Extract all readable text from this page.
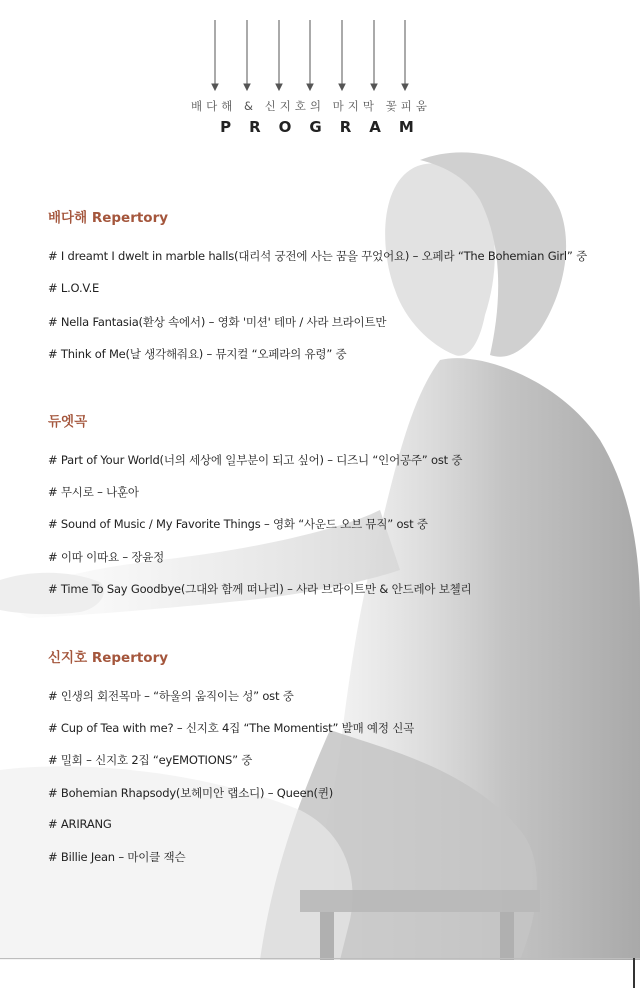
배다해 & 신지호의 마지막 꽃피움
PROGRAM
배다해 Repertory
# I dreamt I dwelt in marble halls(대리석 궁전에 사는 꿈을 꾸었어요) – 오페라 “The Bohemian Girl” 중
# L.O.V.E
# Nella Fantasia(환상 속에서) – 영화 '미션' 테마 / 사라 브라이트만
# Think of Me(날 생각해줘요) – 뮤지컬 “오페라의 유령” 중
듀엣곡
# Part of Your World(너의 세상에 일부분이 되고 싶어) – 디즈니 “인어공주” ost 중
# 무시로 – 나훈아
# Sound of Music / My Favorite Things – 영화 “사운드 오브 뮤직” ost 중
# 이따 이따요 – 장윤정
# Time To Say Goodbye(그대와 함께 떠나리) – 사라 브라이트만 & 안드레아 보첼리
신지호 Repertory
# 인생의 회전목마 – “하울의 움직이는 성” ost 중
# Cup of Tea with me? – 신지호 4집 “The Momentist” 발매 예정 신곡
# 밀회 – 신지호 2집 “eyEMOTIONS” 중
# Bohemian Rhapsody(보헤미안 랩소디) – Queen(퀸)
# ARIRANG
# Billie Jean – 마이클 잭슨
